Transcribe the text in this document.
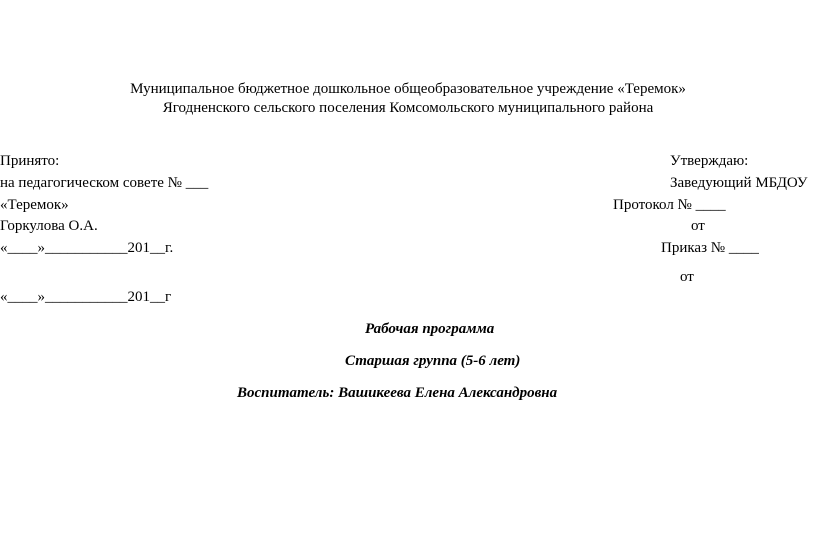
Муниципальное бюджетное дошкольное общеобразовательное учреждение «Теремок»
Ягодненского сельского поселения Комсомольского муниципального района
Принято:
на педагогическом совете № ___
«Теремок»
Горкулова О.А.
«____»___________201__г.
«____»___________201__г
Утверждаю:
Заведующий МБДОУ
Протокол № ____
от
Приказ № ____
от
Рабочая программа
Старшая группа (5-6 лет)
Воспитатель: Вашикеева Елена Александровна
